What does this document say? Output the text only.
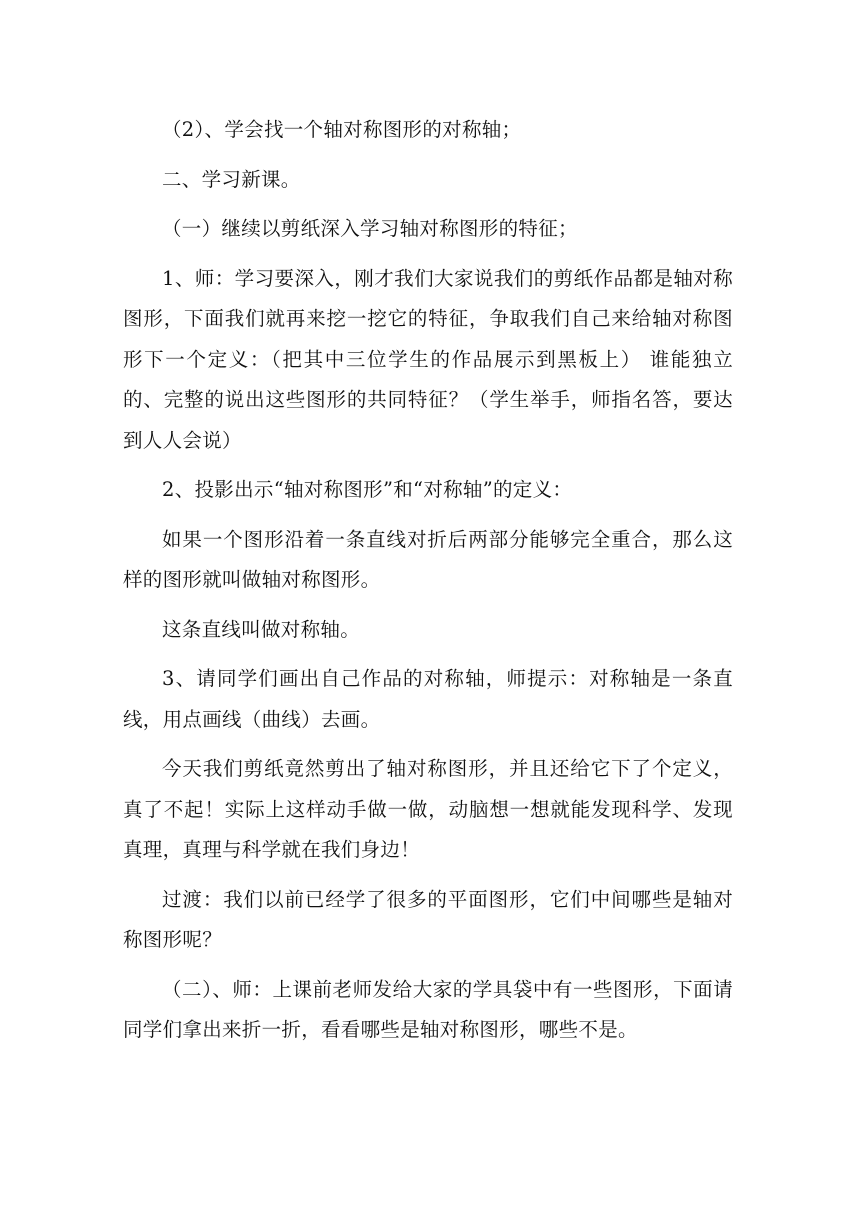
（2）、学会找一个轴对称图形的对称轴；

二、学习新课。

（一）继续以剪纸深入学习轴对称图形的特征；

1、师：学习要深入，刚才我们大家说我们的剪纸作品都是轴对称图形，下面我们就再来挖一挖它的特征，争取我们自己来给轴对称图形下一个定义：（把其中三位学生的作品展示到黑板上） 谁能独立的、完整的说出这些图形的共同特征？（学生举手，师指名答，要达到人人会说）

2、投影出示“轴对称图形”和“对称轴”的定义：

如果一个图形沿着一条直线对折后两部分能够完全重合，那么这样的图形就叫做轴对称图形。

这条直线叫做对称轴。

3、请同学们画出自己作品的对称轴，师提示：对称轴是一条直线，用点画线（曲线）去画。

今天我们剪纸竟然剪出了轴对称图形，并且还给它下了个定义，真了不起！实际上这样动手做一做，动脑想一想就能发现科学、发现真理，真理与科学就在我们身边！

过渡：我们以前已经学了很多的平面图形，它们中间哪些是轴对称图形呢？

（二）、师：上课前老师发给大家的学具袋中有一些图形，下面请同学们拿出来折一折，看看哪些是轴对称图形，哪些不是。
